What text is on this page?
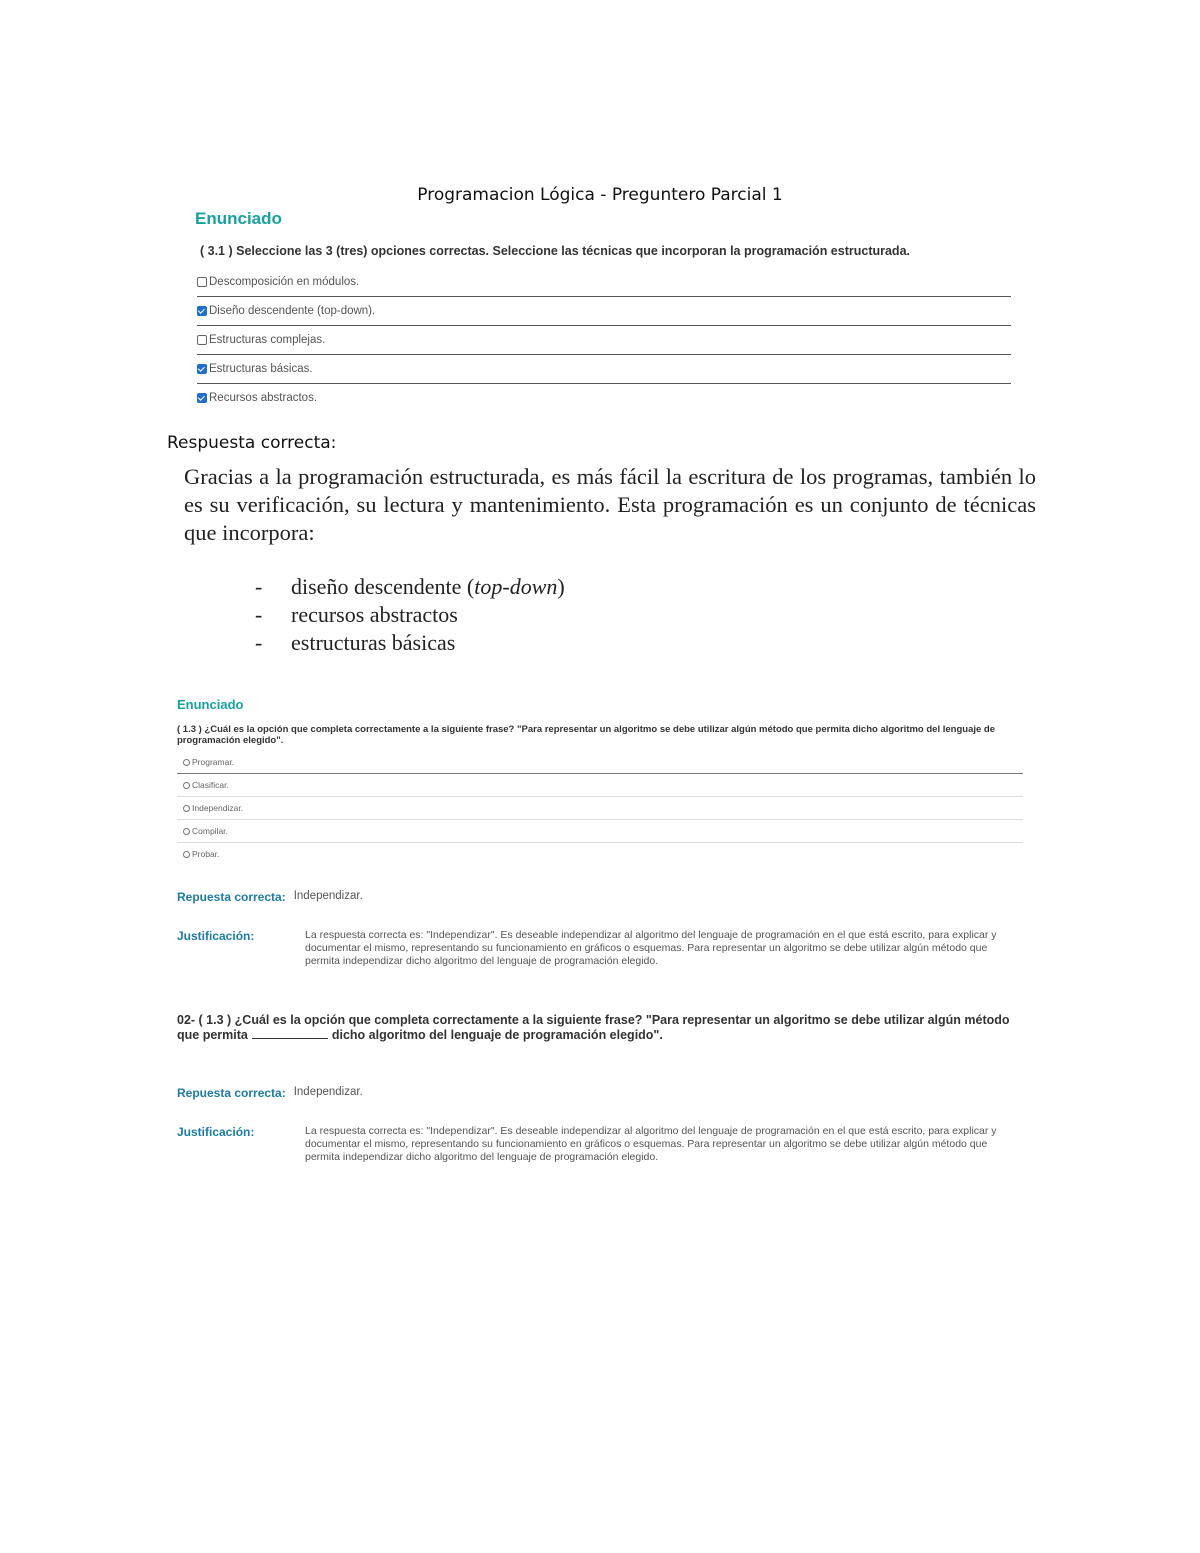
Programacion Lógica - Preguntero Parcial 1
Enunciado
( 3.1 ) Seleccione las 3 (tres) opciones correctas. Seleccione las técnicas que incorporan la programación estructurada.
Descomposición en módulos.
Diseño descendente (top-down).
Estructuras complejas.
Estructuras básicas.
Recursos abstractos.
Respuesta correcta:
Gracias a la programación estructurada, es más fácil la escritura de los programas, también lo es su verificación, su lectura y mantenimiento. Esta programación es un conjunto de técnicas que incorpora:
-	diseño descendente (top-down)
-	recursos abstractos
-	estructuras básicas
Enunciado
( 1.3 ) ¿Cuál es la opción que completa correctamente a la siguiente frase? "Para representar un algoritmo se debe utilizar algún método que permita dicho algoritmo del lenguaje de programación elegido".
Programar.
Clasificar.
Independizar.
Compilar.
Probar.
Repuesta correcta: Independizar.
Justificación:	La respuesta correcta es: "Independizar". Es deseable independizar al algoritmo del lenguaje de programación en el que está escrito, para explicar y documentar el mismo, representando su funcionamiento en gráficos o esquemas. Para representar un algoritmo se debe utilizar algún método que permita independizar dicho algoritmo del lenguaje de programación elegido.
02- ( 1.3 ) ¿Cuál es la opción que completa correctamente a la siguiente frase? "Para representar un algoritmo se debe utilizar algún método que permita	dicho algoritmo del lenguaje de programación elegido".
Repuesta correcta: Independizar.
Justificación:	La respuesta correcta es: "Independizar". Es deseable independizar al algoritmo del lenguaje de programación en el que está escrito, para explicar y documentar el mismo, representando su funcionamiento en gráficos o esquemas. Para representar un algoritmo se debe utilizar algún método que permita independizar dicho algoritmo del lenguaje de programación elegido.
